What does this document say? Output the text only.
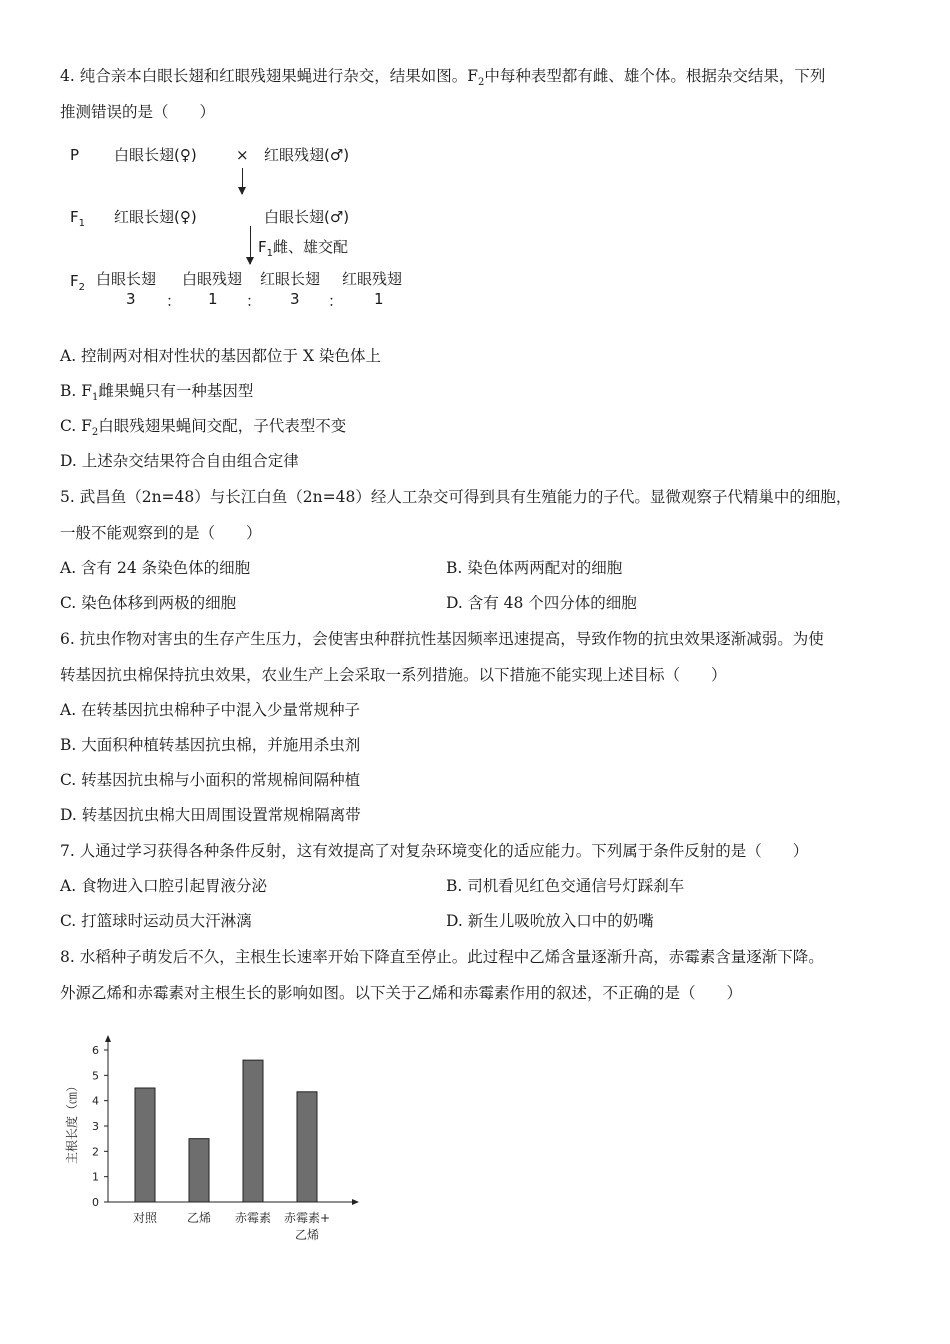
4. 纯合亲本白眼长翅和红眼残翅果蝇进行杂交，结果如图。$F_2$中每种表型都有雌、雄个体。根据杂交结果，下列
推测错误的是（　　）
P 白眼长翅(♀)	× 红眼残翅(♂)
$F_1$ 红眼长翅(♀)	白眼长翅(♂)
$F_1$雌、雄交配
$F_2$ 白眼长翅 白眼残翅 红眼长翅 红眼残翅
3 ： 1 ： 3 ： 1
A. 控制两对相对性状的基因都位于 X 染色体上
B. $F_1$雌果蝇只有一种基因型
C. $F_2$白眼残翅果蝇间交配，子代表型不变
D. 上述杂交结果符合自由组合定律
5. 武昌鱼（2n=48）与长江白鱼（2n=48）经人工杂交可得到具有生殖能力的子代。显微观察子代精巢中的细胞，
一般不能观察到的是（　　）
A. 含有 24 条染色体的细胞	B. 染色体两两配对的细胞
C. 染色体移到两极的细胞	D. 含有 48 个四分体的细胞
6. 抗虫作物对害虫的生存产生压力，会使害虫种群抗性基因频率迅速提高，导致作物的抗虫效果逐渐减弱。为使
转基因抗虫棉保持抗虫效果，农业生产上会采取一系列措施。以下措施不能实现上述目标（　　）
A. 在转基因抗虫棉种子中混入少量常规种子
B. 大面积种植转基因抗虫棉，并施用杀虫剂
C. 转基因抗虫棉与小面积的常规棉间隔种植
D. 转基因抗虫棉大田周围设置常规棉隔离带
7. 人通过学习获得各种条件反射，这有效提高了对复杂环境变化的适应能力。下列属于条件反射的是（　　）
A. 食物进入口腔引起胃液分泌	B. 司机看见红色交通信号灯踩刹车
C. 打篮球时运动员大汗淋漓	D. 新生儿吸吮放入口中的奶嘴
8. 水稻种子萌发后不久，主根生长速率开始下降直至停止。此过程中乙烯含量逐渐升高，赤霉素含量逐渐下降。
外源乙烯和赤霉素对主根生长的影响如图。以下关于乙烯和赤霉素作用的叙述，不正确的是（　　）
主根长度（㎝）
0
1
2
3
4
5
6
对照 乙烯 赤霉素 赤霉素+
乙烯
